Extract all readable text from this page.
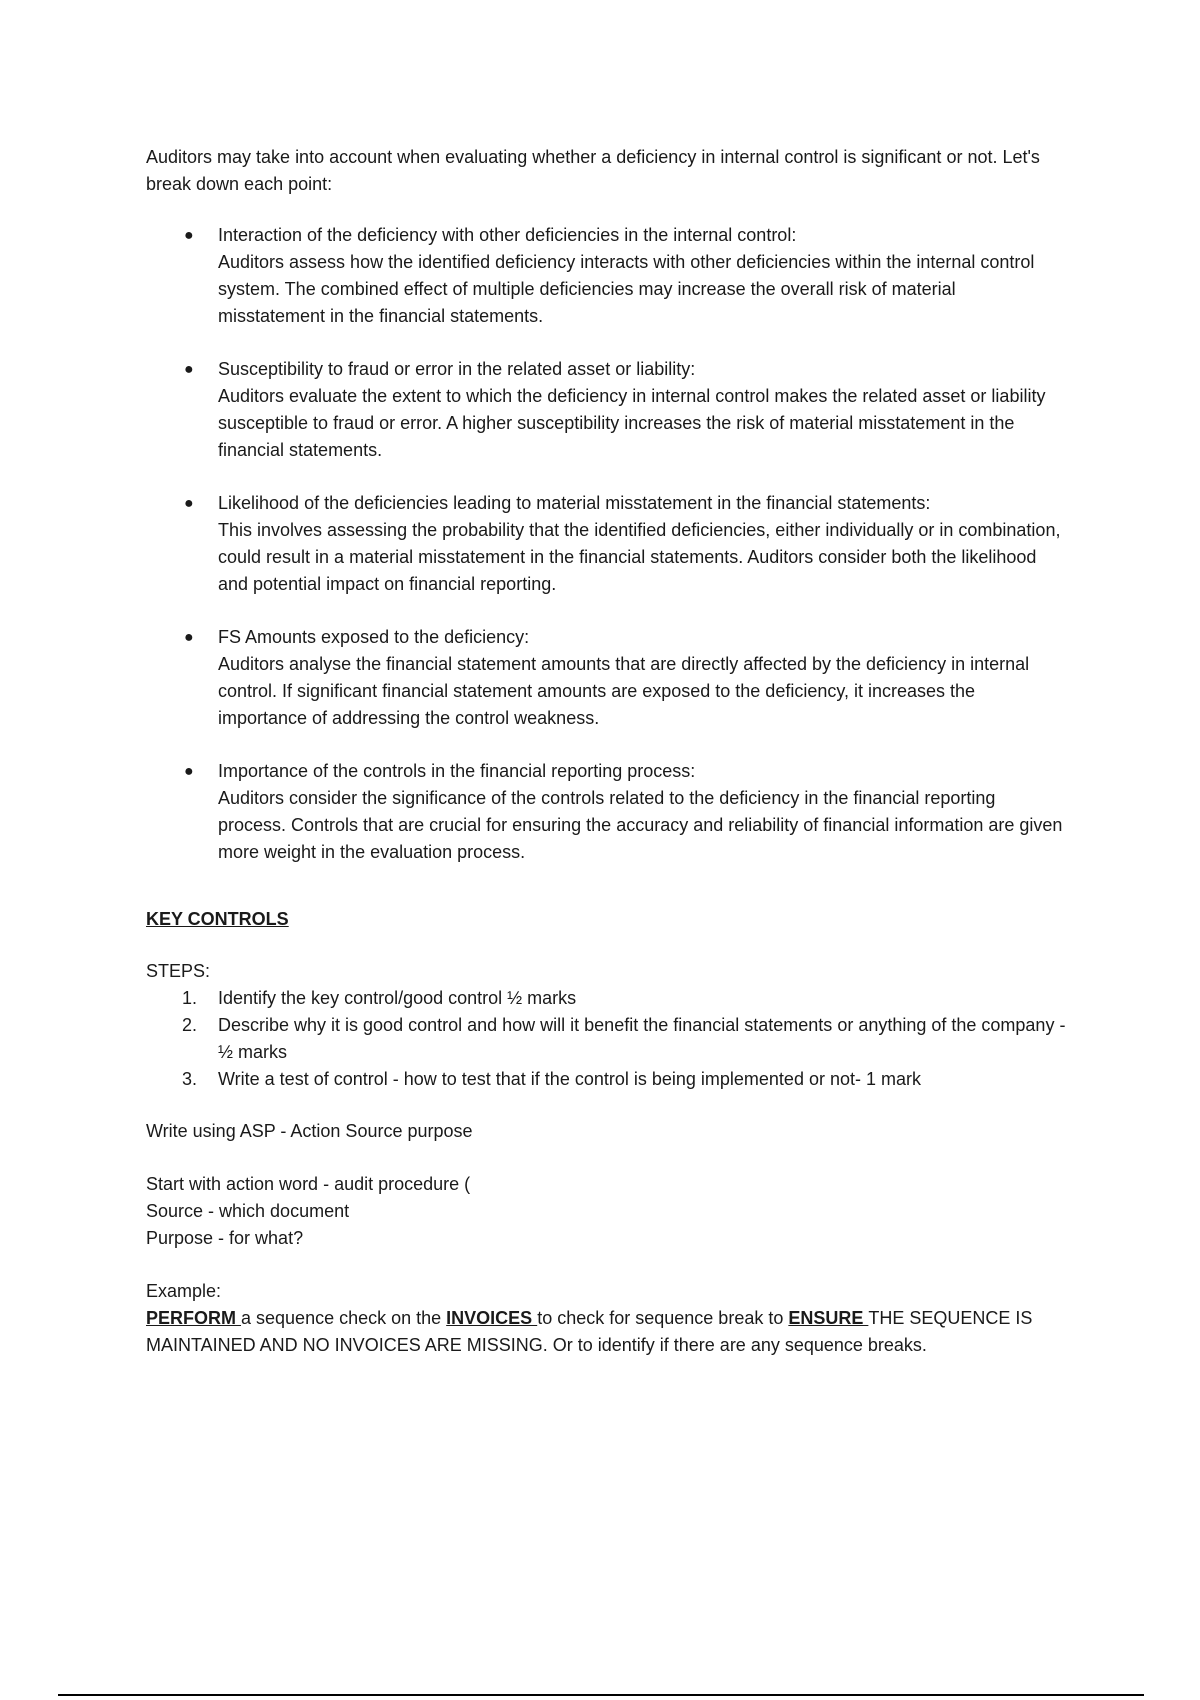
Auditors may take into account when evaluating whether a deficiency in internal control is significant or not. Let's break down each point:

● Interaction of the deficiency with other deficiencies in the internal control:
Auditors assess how the identified deficiency interacts with other deficiencies within the internal control system. The combined effect of multiple deficiencies may increase the overall risk of material misstatement in the financial statements.
● Susceptibility to fraud or error in the related asset or liability:
Auditors evaluate the extent to which the deficiency in internal control makes the related asset or liability susceptible to fraud or error. A higher susceptibility increases the risk of material misstatement in the financial statements.
● Likelihood of the deficiencies leading to material misstatement in the financial statements:
This involves assessing the probability that the identified deficiencies, either individually or in combination, could result in a material misstatement in the financial statements. Auditors consider both the likelihood and potential impact on financial reporting.
● FS Amounts exposed to the deficiency:
Auditors analyse the financial statement amounts that are directly affected by the deficiency in internal control. If significant financial statement amounts are exposed to the deficiency, it increases the importance of addressing the control weakness.
● Importance of the controls in the financial reporting process:
Auditors consider the significance of the controls related to the deficiency in the financial reporting process. Controls that are crucial for ensuring the accuracy and reliability of financial information are given more weight in the evaluation process.

KEY CONTROLS

STEPS:

1. Identify the key control/good control ½ marks
2. Describe why it is good control and how will it benefit the financial statements or anything of the company - ½ marks
3. Write a test of control - how to test that if the control is being implemented or not- 1 mark

Write using ASP - Action Source purpose

Start with action word - audit procedure (
Source - which document
Purpose - for what?
Example:
PERFORM a sequence check on the INVOICES to check for sequence break to ENSURE THE SEQUENCE IS MAINTAINED AND NO INVOICES ARE MISSING. Or to identify if there are any sequence breaks.
